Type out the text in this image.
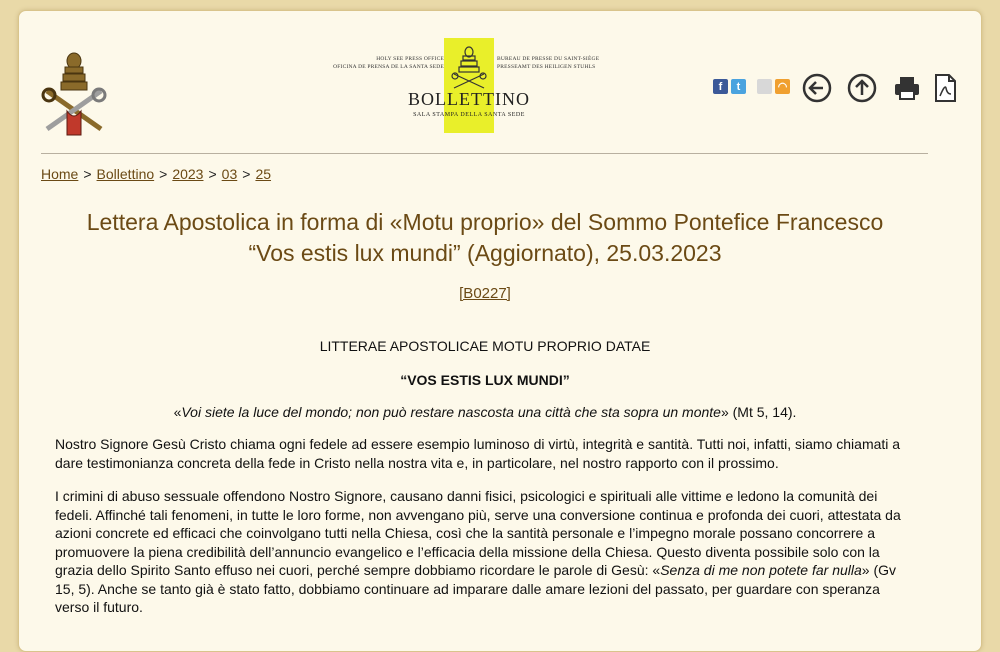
HOLY SEE PRESS OFFICE
OFICINA DE PRENSA DE LA SANTA SEDE
BUREAU DE PRESSE DU SAINT-SIÈGE
PRESSEAMT DES HEILIGEN STUHLS
BOLLETTINO
SALA STAMPA DELLA SANTA SEDE
f	t	◠
Home > Bollettino > 2023 > 03 > 25
Lettera Apostolica in forma di «Motu proprio» del Sommo Pontefice Francesco
“Vos estis lux mundi” (Aggiornato), 25.03.2023
[B0227]
LITTERAE APOSTOLICAE MOTU PROPRIO DATAE
“VOS ESTIS LUX MUNDI”
«Voi siete la luce del mondo; non può restare nascosta una città che sta sopra un monte» (Mt 5, 14).
Nostro Signore Gesù Cristo chiama ogni fedele ad essere esempio luminoso di virtù, integrità e santità. Tutti noi, infatti, siamo chiamati a dare testimonianza concreta della fede in Cristo nella nostra vita e, in particolare, nel nostro rapporto con il prossimo.
I crimini di abuso sessuale offendono Nostro Signore, causano danni fisici, psicologici e spirituali alle vittime e ledono la comunità dei fedeli. Affinché tali fenomeni, in tutte le loro forme, non avvengano più, serve una conversione continua e profonda dei cuori, attestata da azioni concrete ed efficaci che coinvolgano tutti nella Chiesa, così che la santità personale e l’impegno morale possano concorrere a promuovere la piena credibilità dell’annuncio evangelico e l’efficacia della missione della Chiesa. Questo diventa possibile solo con la grazia dello Spirito Santo effuso nei cuori, perché sempre dobbiamo ricordare le parole di Gesù: «Senza di me non potete far nulla» (Gv 15, 5). Anche se tanto già è stato fatto, dobbiamo continuare ad imparare dalle amare lezioni del passato, per guardare con speranza verso il futuro.
